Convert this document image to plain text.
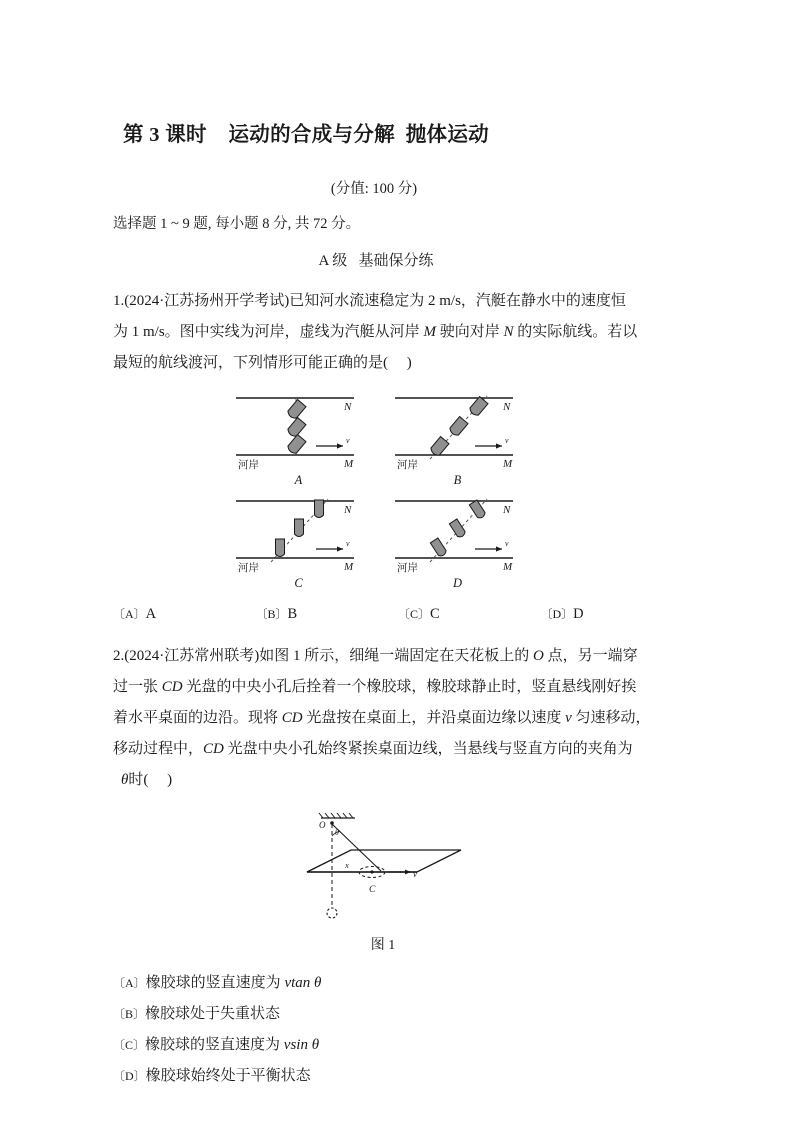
第 3 课时    运动的合成与分解  抛体运动
(分值: 100 分)
选择题 1 ~ 9 题, 每小题 8 分, 共 72 分。
A 级   基础保分练
1.(2024·江苏扬州开学考试)已知河水流速稳定为 2 m/s，汽艇在静水中的速度恒
为 1 m/s。图中实线为河岸，虚线为汽艇从河岸 M 驶向对岸 N 的实际航线。若以
最短的航线渡河，下列情形可能正确的是(     )
v
M
N
河岸
A
v
M
N
河岸
B
v
M
N
河岸
C
v
M
N
河岸
D
〔A〕A	〔B〕B	〔C〕C	〔D〕D
2.(2024·江苏常州联考)如图 1 所示，细绳一端固定在天花板上的 O 点，另一端穿
过一张 CD 光盘的中央小孔后拴着一个橡胶球，橡胶球静止时，竖直悬线刚好挨
着水平桌面的边沿。现将 CD 光盘按在桌面上，并沿桌面边缘以速度 v 匀速移动，
移动过程中，CD 光盘中央小孔始终紧挨桌面边线，当悬线与竖直方向的夹角为
θ时(     )
O
θ
C
x
v
图 1
〔A〕橡胶球的竖直速度为 vtan θ
〔B〕橡胶球处于失重状态
〔C〕橡胶球的竖直速度为 vsin θ
〔D〕橡胶球始终处于平衡状态
